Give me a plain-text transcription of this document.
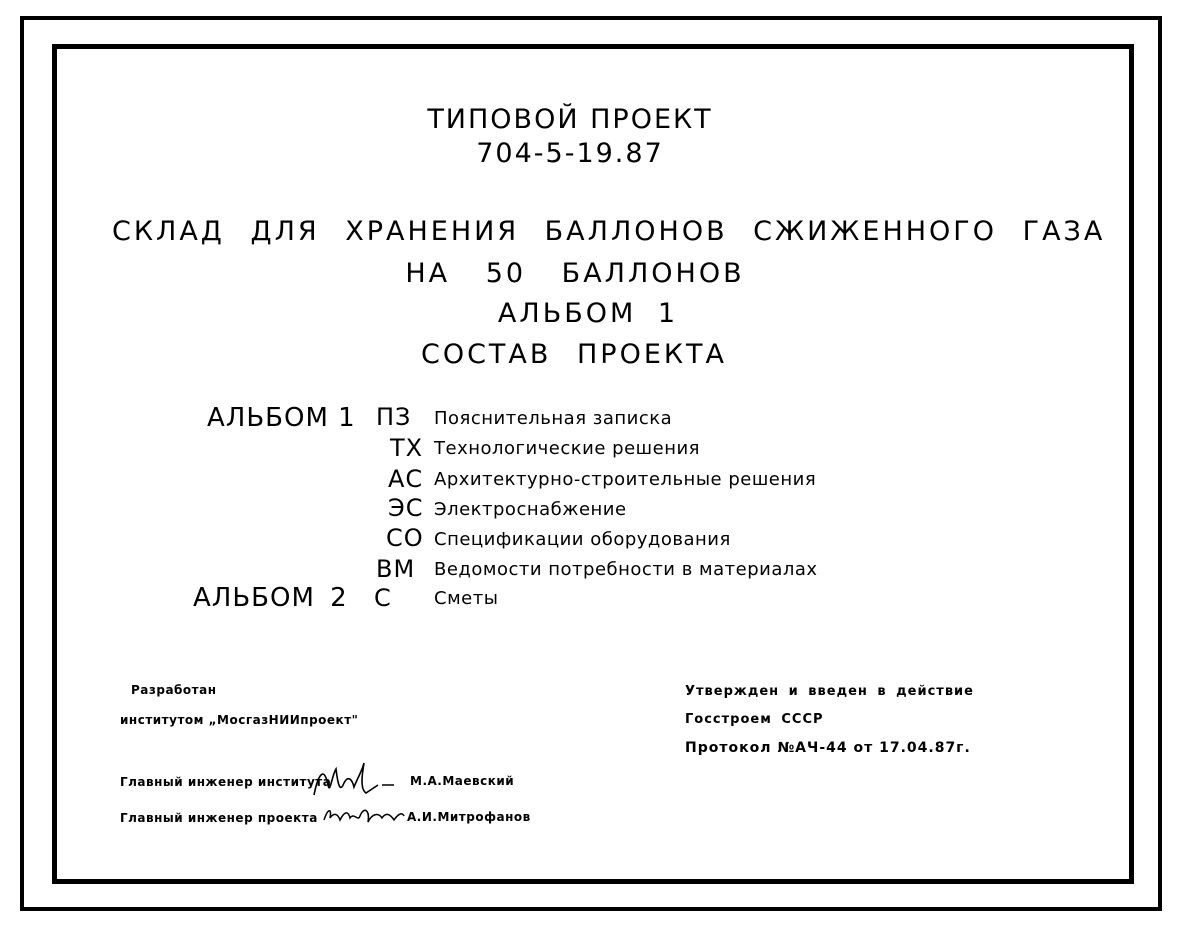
ТИПОВОЙ ПРОЕКТ
704-5-19.87
СКЛАД ДЛЯ ХРАНЕНИЯ БАЛЛОНОВ СЖИЖЕННОГО ГАЗА
НА 50 БАЛЛОНОВ
АЛЬБОМ 1
СОСТАВ ПРОЕКТА
АЛЬБОМ 1 ПЗ Пояснительная записка
ТХ Технологические решения
АС Архитектурно-строительные решения
ЭС Электроснабжение
СО Спецификации оборудования
ВМ Ведомости потребности в материалах
АЛЬБОМ 2 С Сметы
Разработан
институтом „МосгазНИИпроект"
Главный инженер института	М.А.Маевский
Главный инженер проекта	А.И.Митрофанов
Утвержден и введен в действие
Госстроем СССР
Протокол №АЧ-44 от 17.04.87г.
